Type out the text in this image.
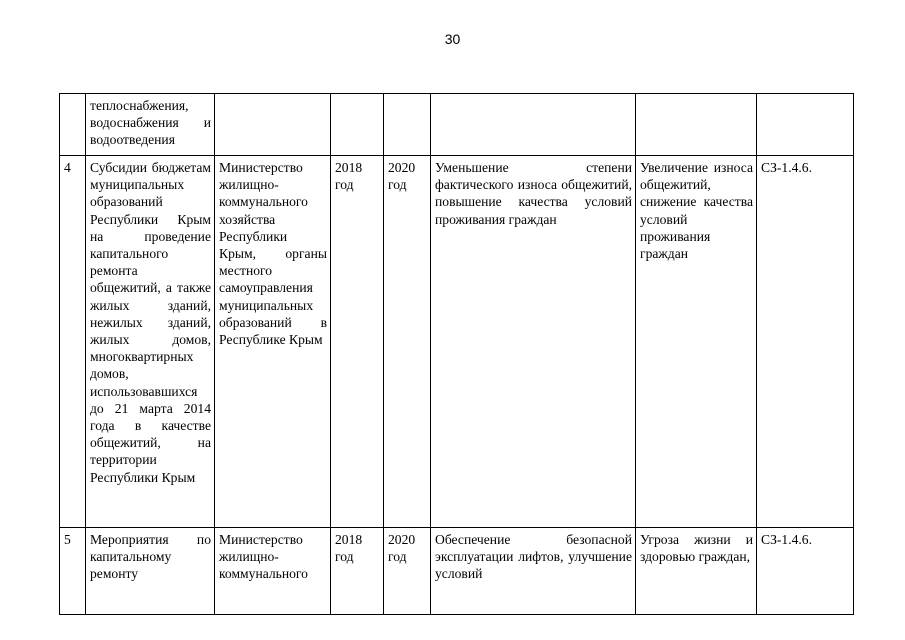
30
	теплоснабжения, водоснабжения и водоотведения						
4	Субсидии бюджетам муниципальных образований Республики Крым на проведение капитального ремонта общежитий, а также жилых зданий, нежилых зданий, жилых домов, многоквартирных домов, использовавшихся до 21 марта 2014 года в качестве общежитий, на территории Республики Крым	Министерство жилищно-коммунального хозяйства Республики Крым, органы местного самоуправления муниципальных образований в Республике Крым	2018 год	2020 год	Уменьшение степени фактического износа общежитий, повышение качества условий проживания граждан	Увеличение износа общежитий, снижение качества условий проживания граждан	СЗ-1.4.6.
5	Мероприятия по капитальному ремонту	Министерство жилищно-коммунального	2018 год	2020 год	Обеспечение безопасной эксплуатации лифтов, улучшение условий	Угроза жизни и здоровью граждан,	СЗ-1.4.6.
